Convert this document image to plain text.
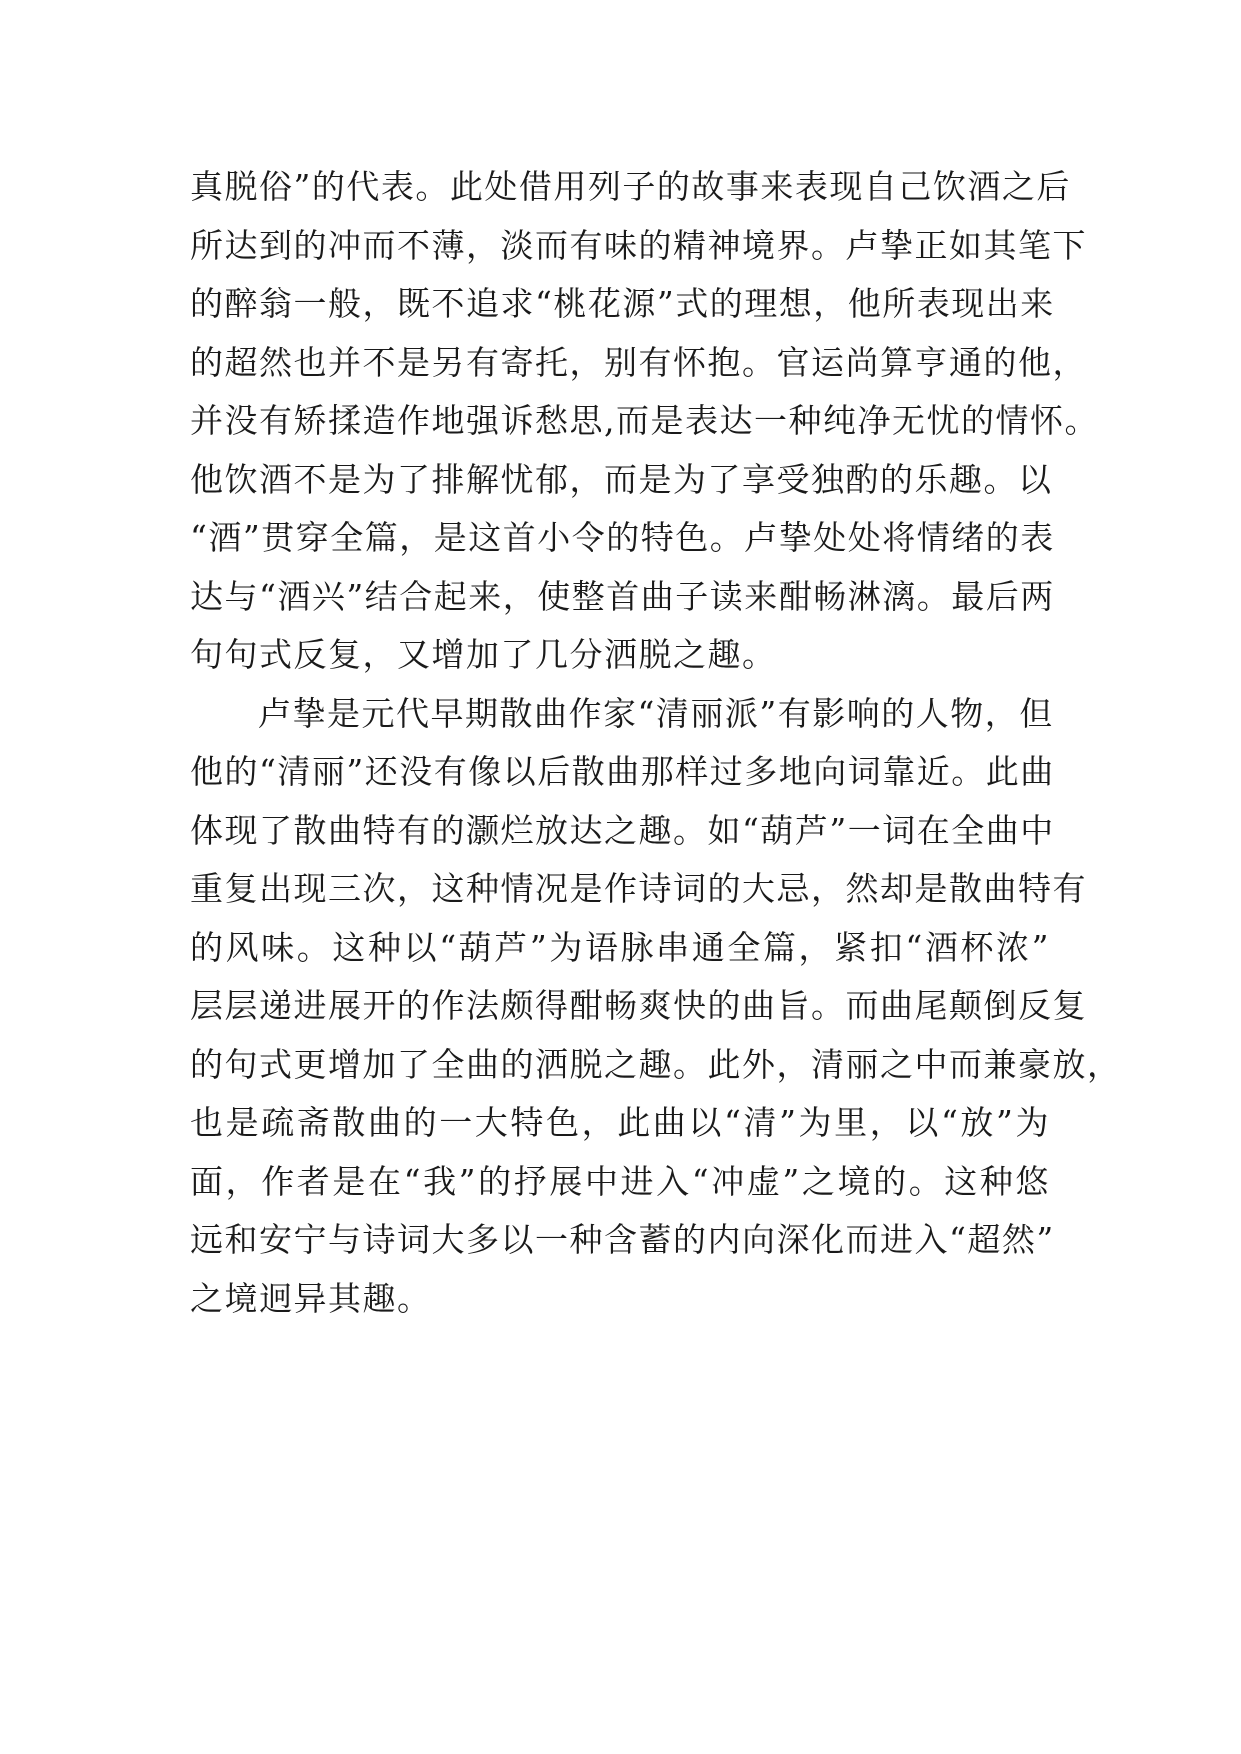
真脱俗”的代表。此处借用列子的故事来表现自己饮酒之后
所达到的冲而不薄，淡而有味的精神境界。卢挚正如其笔下
的醉翁一般，既不追求“桃花源”式的理想，他所表现出来
的超然也并不是另有寄托，别有怀抱。官运尚算亨通的他，
并没有矫揉造作地强诉愁思,而是表达一种纯净无忧的情怀。
他饮酒不是为了排解忧郁，而是为了享受独酌的乐趣。以
“酒”贯穿全篇，是这首小令的特色。卢挚处处将情绪的表
达与“酒兴”结合起来，使整首曲子读来酣畅淋漓。最后两
句句式反复，又增加了几分洒脱之趣。
卢挚是元代早期散曲作家“清丽派”有影响的人物，但
他的“清丽”还没有像以后散曲那样过多地向词靠近。此曲
体现了散曲特有的灏烂放达之趣。如“葫芦”一词在全曲中
重复出现三次，这种情况是作诗词的大忌，然却是散曲特有
的风味。这种以“葫芦”为语脉串通全篇，紧扣“酒杯浓”
层层递进展开的作法颇得酣畅爽快的曲旨。而曲尾颠倒反复
的句式更增加了全曲的洒脱之趣。此外，清丽之中而兼豪放，
也是疏斋散曲的一大特色，此曲以“清”为里，以“放”为
面，作者是在“我”的抒展中进入“冲虚”之境的。这种悠
远和安宁与诗词大多以一种含蓄的内向深化而进入“超然”
之境迥异其趣。
